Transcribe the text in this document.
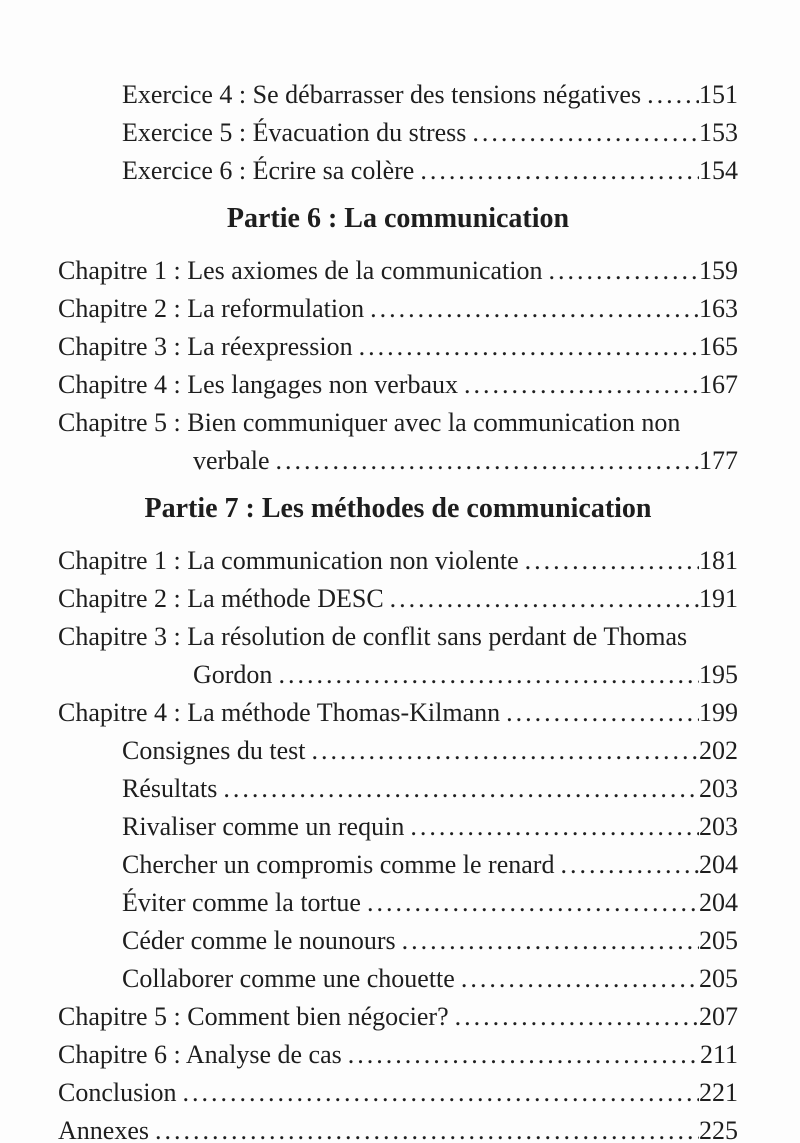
Exercice 4 : Se débarrasser des tensions négatives ..... 151
Exercice 5 : Évacuation du stress .....	153
Exercice 6 : Écrire sa colère .....	154
Partie 6 : La communication
Chapitre 1 : Les axiomes de la communication .....	159
Chapitre 2 : La reformulation .....	163
Chapitre 3 : La réexpression .....	165
Chapitre 4 : Les langages non verbaux .....	167
Chapitre 5 : Bien communiquer avec la communication non
verbale .....	177
Partie 7 : Les méthodes de communication
Chapitre 1 : La communication non violente .....	181
Chapitre 2 : La méthode DESC .....	191
Chapitre 3 : La résolution de conflit sans perdant de Thomas
Gordon .....	195
Chapitre 4 : La méthode Thomas-Kilmann .....	199
Consignes du test .....	202
Résultats .....	203
Rivaliser comme un requin .....	203
Chercher un compromis comme le renard .....	204
Éviter comme la tortue .....	204
Céder comme le nounours .....	205
Collaborer comme une chouette .....	205
Chapitre 5 : Comment bien négocier? .....	207
Chapitre 6 : Analyse de cas .....	211
Conclusion .....	221
Annexes .....	225
